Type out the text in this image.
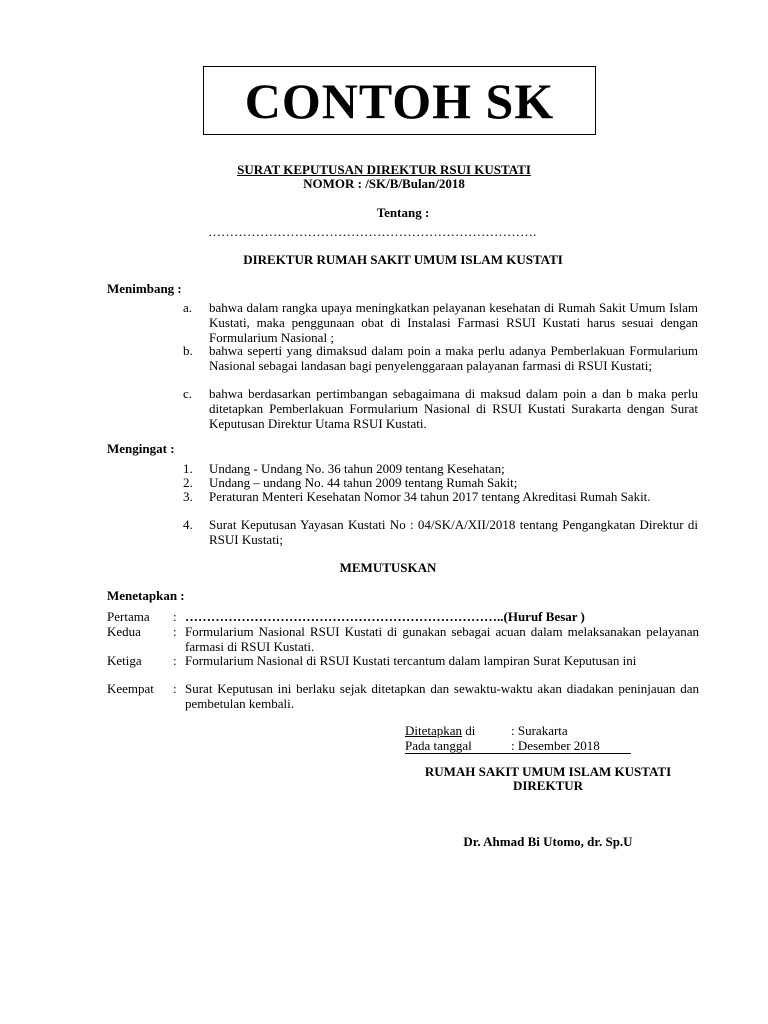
CONTOH SK
SURAT KEPUTUSAN DIREKTUR RSUI KUSTATI
NOMOR : /SK/B/Bulan/2018
Tentang :
………………………………………………………………….
DIREKTUR RUMAH SAKIT UMUM ISLAM KUSTATI
Menimbang :
a.	bahwa dalam rangka upaya meningkatkan pelayanan kesehatan di Rumah Sakit Umum Islam Kustati, maka penggunaan obat di Instalasi Farmasi RSUI Kustati harus sesuai dengan Formularium Nasional ;
b.	bahwa seperti yang dimaksud dalam poin a maka perlu adanya Pemberlakuan Formularium Nasional sebagai landasan bagi penyelenggaraan palayanan farmasi di RSUI Kustati;
c.	bahwa berdasarkan pertimbangan sebagaimana di maksud dalam poin a dan b maka perlu ditetapkan Pemberlakuan Formularium Nasional di RSUI Kustati Surakarta dengan Surat Keputusan Direktur Utama RSUI Kustati.
Mengingat :
1.	Undang - Undang No. 36 tahun 2009 tentang Kesehatan;
2.	Undang – undang No. 44 tahun 2009 tentang Rumah Sakit;
3.	Peraturan Menteri Kesehatan Nomor 34 tahun 2017 tentang Akreditasi Rumah Sakit.
4.	Surat Keputusan Yayasan Kustati No : 04/SK/A/XII/2018 tentang Pengangkatan Direktur di RSUI Kustati;
MEMUTUSKAN
Menetapkan :
Pertama	: ………………………………………………………………..(Huruf Besar )
Kedua	: Formularium Nasional RSUI Kustati di gunakan sebagai acuan dalam melaksanakan pelayanan farmasi di RSUI Kustati.
Ketiga	: Formularium Nasional di RSUI Kustati tercantum dalam lampiran Surat Keputusan ini
Keempat	: Surat Keputusan ini berlaku sejak ditetapkan dan sewaktu-waktu akan diadakan peninjauan dan pembetulan kembali.
Ditetapkan di	: Surakarta
Pada tanggal	: Desember 2018
RUMAH SAKIT UMUM ISLAM KUSTATI
DIREKTUR
Dr. Ahmad Bi Utomo, dr. Sp.U
